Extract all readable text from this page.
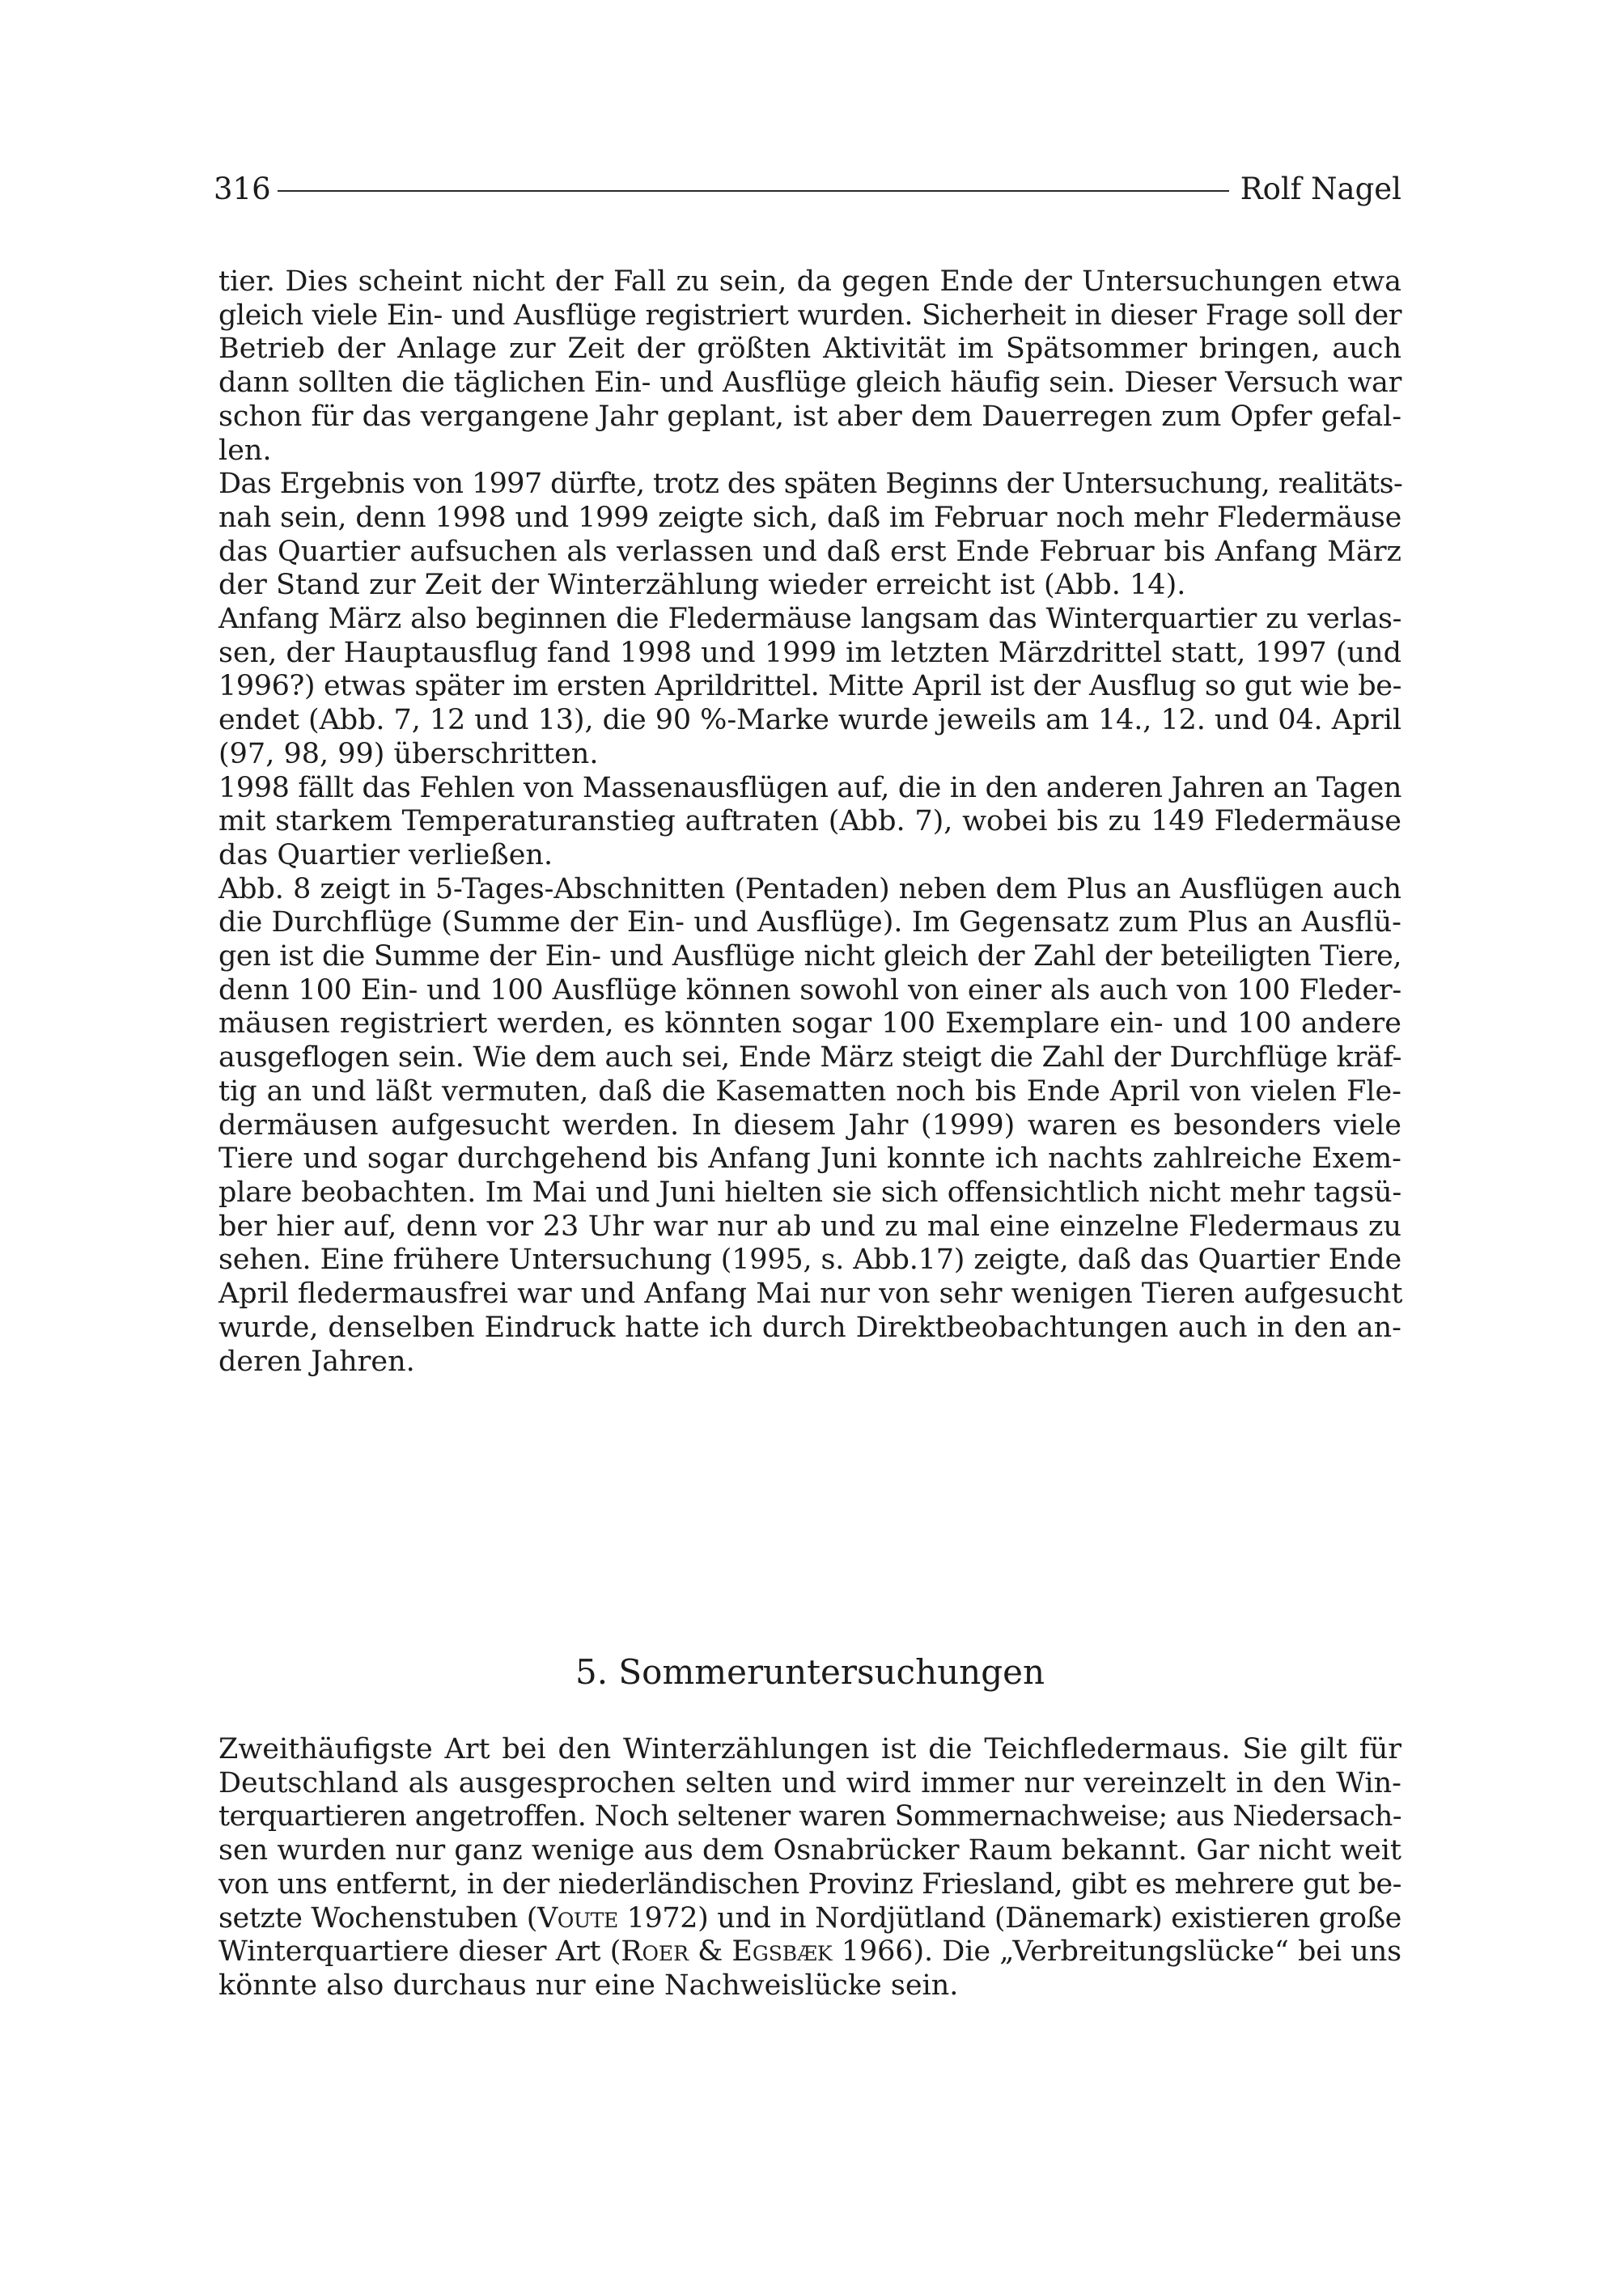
316	Rolf Nagel
tier. Dies scheint nicht der Fall zu sein, da gegen Ende der Untersuchungen etwa
gleich viele Ein- und Ausflüge registriert wurden. Sicherheit in dieser Frage soll der
Betrieb der Anlage zur Zeit der größten Aktivität im Spätsommer bringen, auch
dann sollten die täglichen Ein- und Ausflüge gleich häufig sein. Dieser Versuch war
schon für das vergangene Jahr geplant, ist aber dem Dauerregen zum Opfer gefal-
len.
Das Ergebnis von 1997 dürfte, trotz des späten Beginns der Untersuchung, realitäts-
nah sein, denn 1998 und 1999 zeigte sich, daß im Februar noch mehr Fledermäuse
das Quartier aufsuchen als verlassen und daß erst Ende Februar bis Anfang März
der Stand zur Zeit der Winterzählung wieder erreicht ist (Abb. 14).
Anfang März also beginnen die Fledermäuse langsam das Winterquartier zu verlas-
sen, der Hauptausflug fand 1998 und 1999 im letzten Märzdrittel statt, 1997 (und
1996?) etwas später im ersten Aprildrittel. Mitte April ist der Ausflug so gut wie be-
endet (Abb. 7, 12 und 13), die 90 %-Marke wurde jeweils am 14., 12. und 04. April
(97, 98, 99) überschritten.
1998 fällt das Fehlen von Massenausflügen auf, die in den anderen Jahren an Tagen
mit starkem Temperaturanstieg auftraten (Abb. 7), wobei bis zu 149 Fledermäuse
das Quartier verließen.
Abb. 8 zeigt in 5-Tages-Abschnitten (Pentaden) neben dem Plus an Ausflügen auch
die Durchflüge (Summe der Ein- und Ausflüge). Im Gegensatz zum Plus an Ausflü-
gen ist die Summe der Ein- und Ausflüge nicht gleich der Zahl der beteiligten Tiere,
denn 100 Ein- und 100 Ausflüge können sowohl von einer als auch von 100 Fleder-
mäusen registriert werden, es könnten sogar 100 Exemplare ein- und 100 andere
ausgeflogen sein. Wie dem auch sei, Ende März steigt die Zahl der Durchflüge kräf-
tig an und läßt vermuten, daß die Kasematten noch bis Ende April von vielen Fle-
dermäusen aufgesucht werden. In diesem Jahr (1999) waren es besonders viele
Tiere und sogar durchgehend bis Anfang Juni konnte ich nachts zahlreiche Exem-
plare beobachten. Im Mai und Juni hielten sie sich offensichtlich nicht mehr tagsü-
ber hier auf, denn vor 23 Uhr war nur ab und zu mal eine einzelne Fledermaus zu
sehen. Eine frühere Untersuchung (1995, s. Abb.17) zeigte, daß das Quartier Ende
April fledermausfrei war und Anfang Mai nur von sehr wenigen Tieren aufgesucht
wurde, denselben Eindruck hatte ich durch Direktbeobachtungen auch in den an-
deren Jahren.
5. Sommeruntersuchungen
Zweithäufigste Art bei den Winterzählungen ist die Teichfledermaus. Sie gilt für
Deutschland als ausgesprochen selten und wird immer nur vereinzelt in den Win-
terquartieren angetroffen. Noch seltener waren Sommernachweise; aus Niedersach-
sen wurden nur ganz wenige aus dem Osnabrücker Raum bekannt. Gar nicht weit
von uns entfernt, in der niederländischen Provinz Friesland, gibt es mehrere gut be-
setzte Wochenstuben (Voute 1972) und in Nordjütland (Dänemark) existieren große
Winterquartiere dieser Art (Roer & Egsbæk 1966). Die „Verbreitungslücke“ bei uns
könnte also durchaus nur eine Nachweislücke sein.
